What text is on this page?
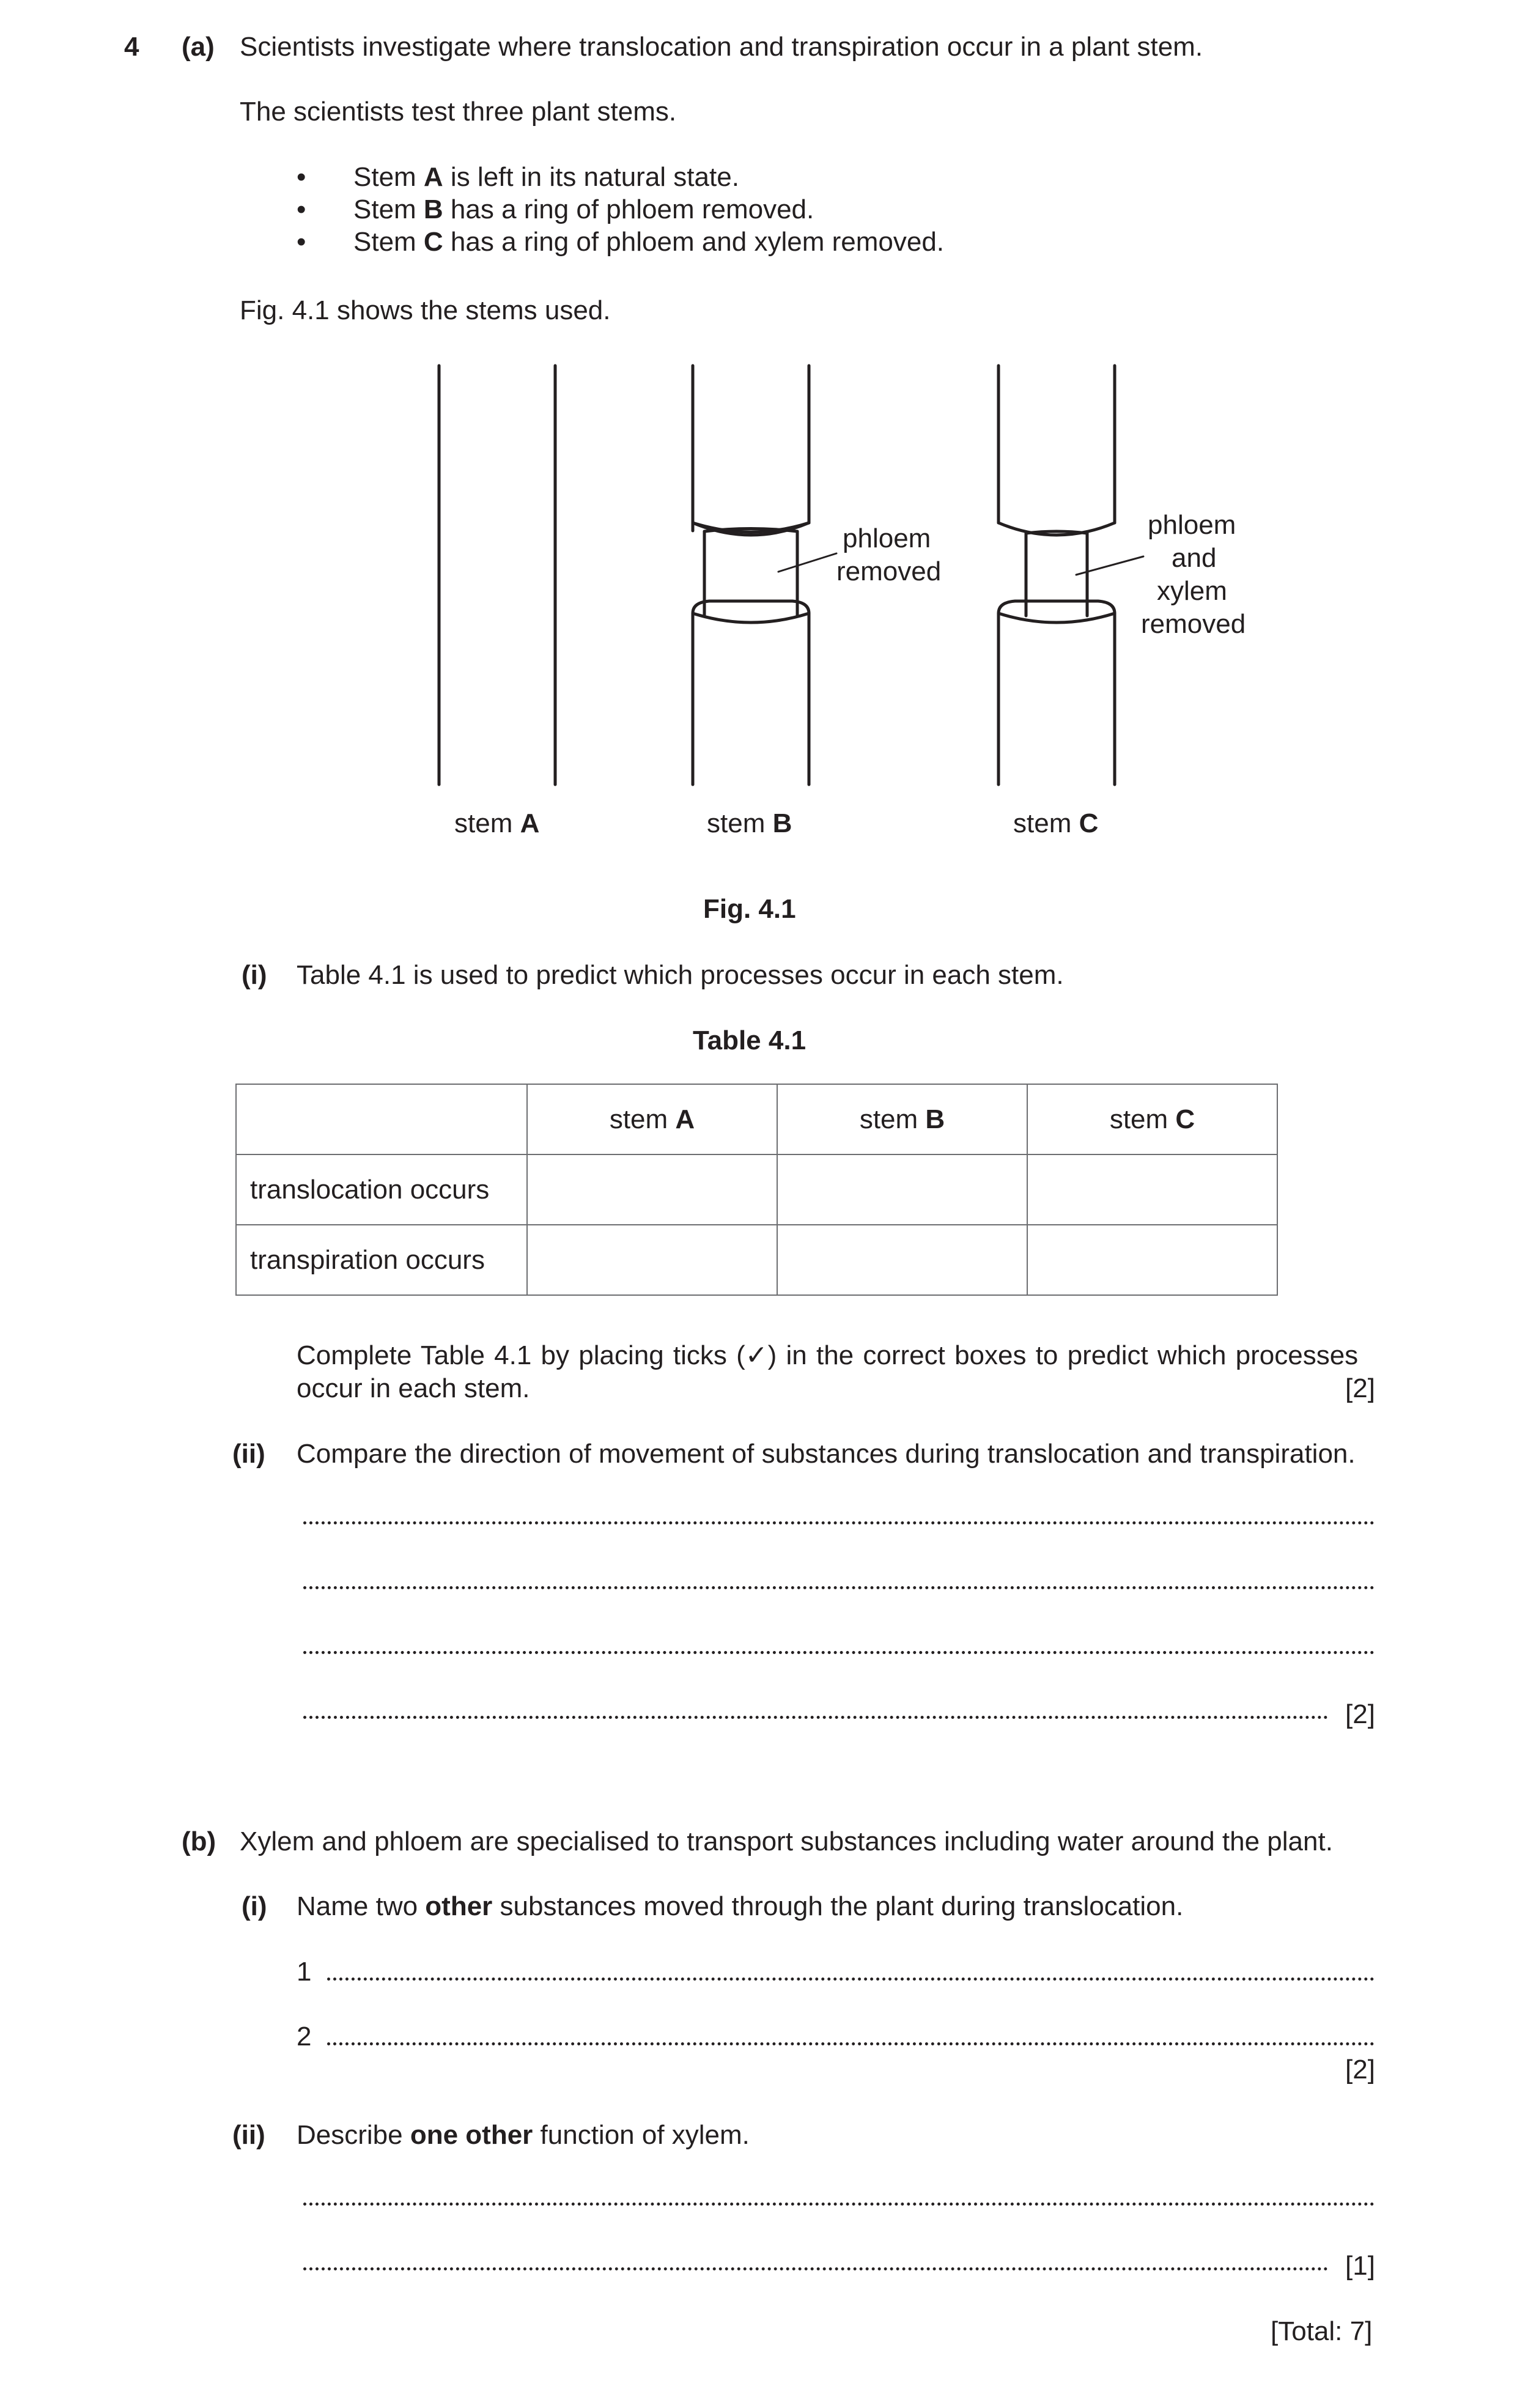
4 (a) Scientists investigate where translocation and transpiration occur in a plant stem.
The scientists test three plant stems.
• Stem A is left in its natural state.
• Stem B has a ring of phloem removed.
• Stem C has a ring of phloem and xylem removed.
Fig. 4.1 shows the stems used.
phloem
removed
phloem
and
xylem
removed
stem A	stem B	stem C
Fig. 4.1
(i) Table 4.1 is used to predict which processes occur in each stem.
Table 4.1
	stem A	stem B	stem C
translocation occurs			
transpiration occurs			
Complete Table 4.1 by placing ticks (✓) in the correct boxes to predict which processes
occur in each stem.	[2]
(ii) Compare the direction of movement of substances during translocation and transpiration.
[2]
(b) Xylem and phloem are specialised to transport substances including water around the plant.
(i) Name two other substances moved through the plant during translocation.
1
2
[2]
(ii) Describe one other function of xylem.
[1]
[Total: 7]
